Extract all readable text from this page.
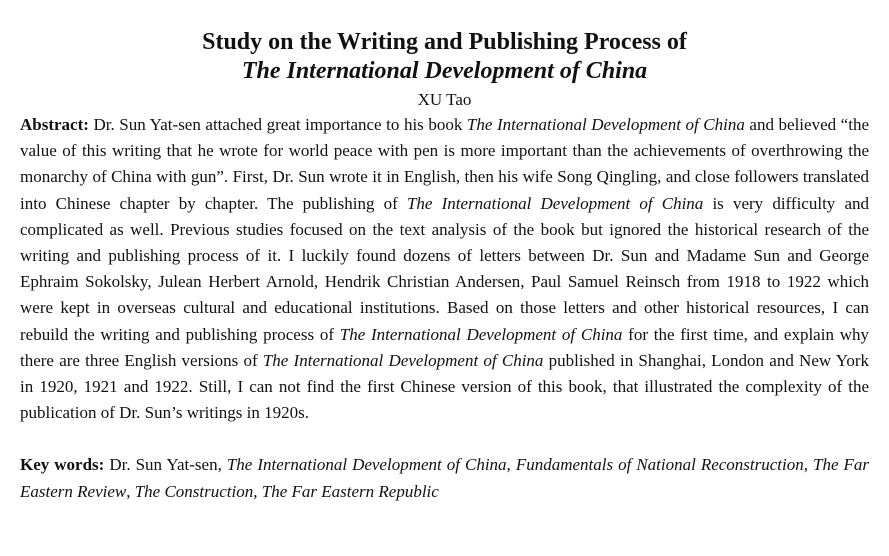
Study on the Writing and Publishing Process of
The International Development of China
XU Tao

Abstract: Dr. Sun Yat-sen attached great importance to his book The International Development of China and believed “the value of this writing that he wrote for world peace with pen is more important than the achievements of overthrowing the monarchy of China with gun”. First, Dr. Sun wrote it in English, then his wife Song Qingling, and close followers translated into Chinese chapter by chapter. The publishing of The International Development of China is very difficulty and complicated as well. Previous studies focused on the text analysis of the book but ignored the historical research of the writing and publishing process of it. I luckily found dozens of letters between Dr. Sun and Madame Sun and George Ephraim Sokolsky, Julean Herbert Arnold, Hendrik Christian Andersen, Paul Samuel Reinsch from 1918 to 1922 which were kept in overseas cultural and educational institutions. Based on those letters and other historical resources, I can rebuild the writing and publishing process of The International Development of China for the first time, and explain why there are three English versions of The International Development of China published in Shanghai, London and New York in 1920, 1921 and 1922. Still, I can not find the first Chinese version of this book, that illustrated the complexity of the publication of Dr. Sun’s writings in 1920s.

Key words: Dr. Sun Yat-sen, The International Development of China, Fundamentals of National Reconstruction, The Far Eastern Review, The Construction, The Far Eastern Republic
